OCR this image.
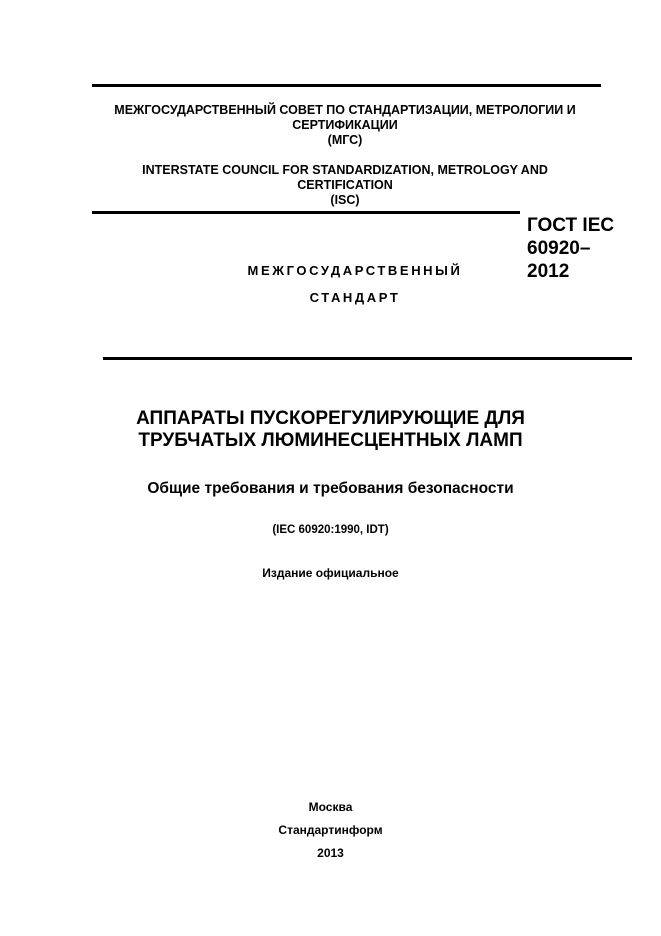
МЕЖГОСУДАРСТВЕННЫЙ СОВЕТ ПО СТАНДАРТИЗАЦИИ, МЕТРОЛОГИИ И
СЕРТИФИКАЦИИ
(МГС)
INTERSTATE COUNCIL FOR STANDARDIZATION, METROLOGY AND
CERTIFICATION
(ISC)
ГОСТ IEC
60920–
2012
МЕЖГОСУДАРСТВЕННЫЙ
СТАНДАРТ
АППАРАТЫ ПУСКОРЕГУЛИРУЮЩИЕ ДЛЯ
ТРУБЧАТЫХ ЛЮМИНЕСЦЕНТНЫХ ЛАМП
Общие требования и требования безопасности
(IEC 60920:1990, IDT)
Издание официальное
Москва
Стандартинформ
2013
